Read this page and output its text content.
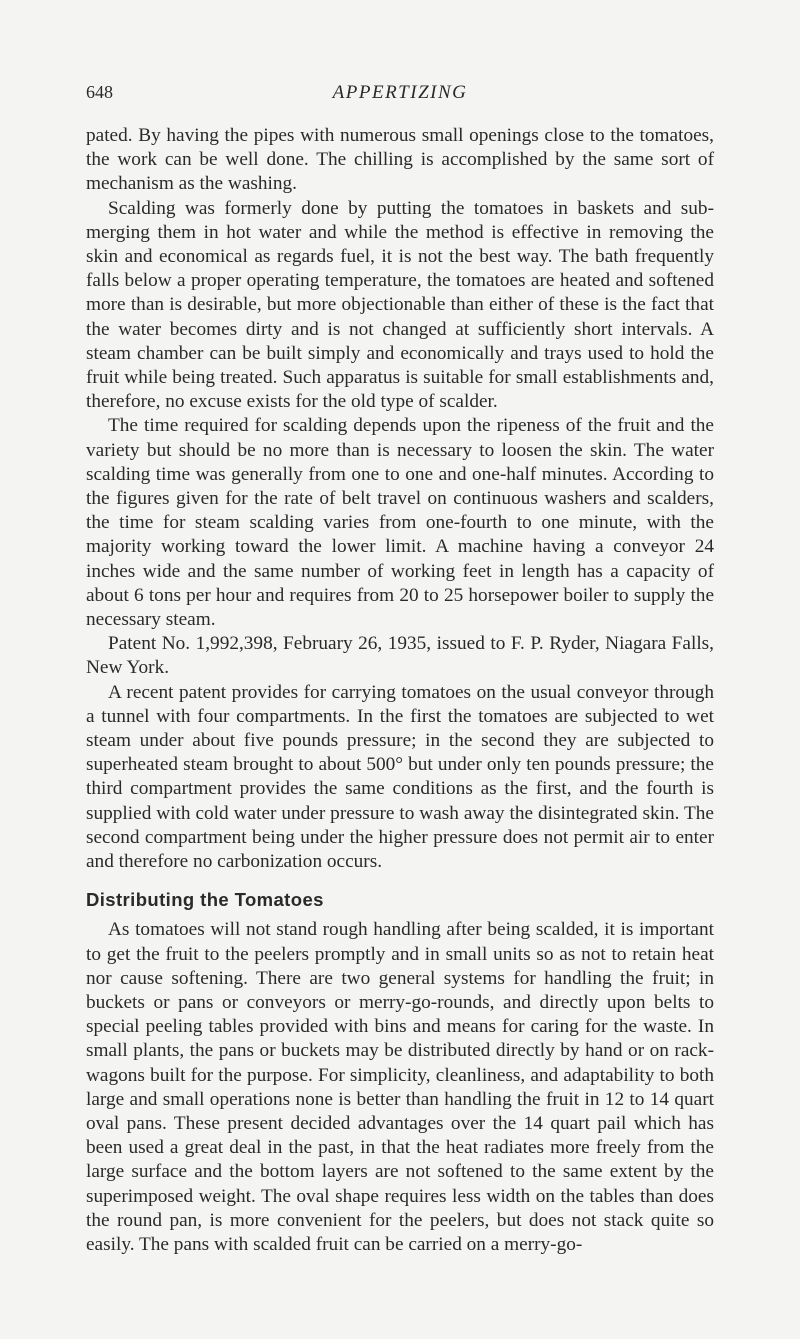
648	APPERTIZING

pated. By having the pipes with numerous small openings close to the tomatoes, the work can be well done. The chilling is accomplished by the same sort of mechanism as the washing.

Scalding was formerly done by putting the tomatoes in baskets and submerging them in hot water and while the method is effective in removing the skin and economical as regards fuel, it is not the best way. The bath frequently falls below a proper operating temperature, the tomatoes are heated and softened more than is desirable, but more objectionable than either of these is the fact that the water becomes dirty and is not changed at sufficiently short intervals. A steam chamber can be built simply and economically and trays used to hold the fruit while being treated. Such apparatus is suitable for small establishments and, therefore, no excuse exists for the old type of scalder.

The time required for scalding depends upon the ripeness of the fruit and the variety but should be no more than is necessary to loosen the skin. The water scalding time was generally from one to one and one-half minutes. According to the figures given for the rate of belt travel on continuous washers and scalders, the time for steam scalding varies from one-fourth to one minute, with the majority working toward the lower limit. A machine having a conveyor 24 inches wide and the same number of working feet in length has a capacity of about 6 tons per hour and requires from 20 to 25 horsepower boiler to supply the necessary steam.

Patent No. 1,992,398, February 26, 1935, issued to F. P. Ryder, Niagara Falls, New York.

A recent patent provides for carrying tomatoes on the usual conveyor through a tunnel with four compartments. In the first the tomatoes are subjected to wet steam under about five pounds pressure; in the second they are subjected to superheated steam brought to about 500° but under only ten pounds pressure; the third compartment provides the same conditions as the first, and the fourth is supplied with cold water under pressure to wash away the disintegrated skin. The second compartment being under the higher pressure does not permit air to enter and therefore no carbonization occurs.

Distributing the Tomatoes

As tomatoes will not stand rough handling after being scalded, it is important to get the fruit to the peelers promptly and in small units so as not to retain heat nor cause softening. There are two general systems for handling the fruit; in buckets or pans or conveyors or merry-go-rounds, and directly upon belts to special peeling tables provided with bins and means for caring for the waste. In small plants, the pans or buckets may be distributed directly by hand or on rack-wagons built for the purpose. For simplicity, cleanliness, and adaptability to both large and small operations none is better than handling the fruit in 12 to 14 quart oval pans. These present decided advantages over the 14 quart pail which has been used a great deal in the past, in that the heat radiates more freely from the large surface and the bottom layers are not softened to the same extent by the superimposed weight. The oval shape requires less width on the tables than does the round pan, is more convenient for the peelers, but does not stack quite so easily. The pans with scalded fruit can be carried on a merry-go-
